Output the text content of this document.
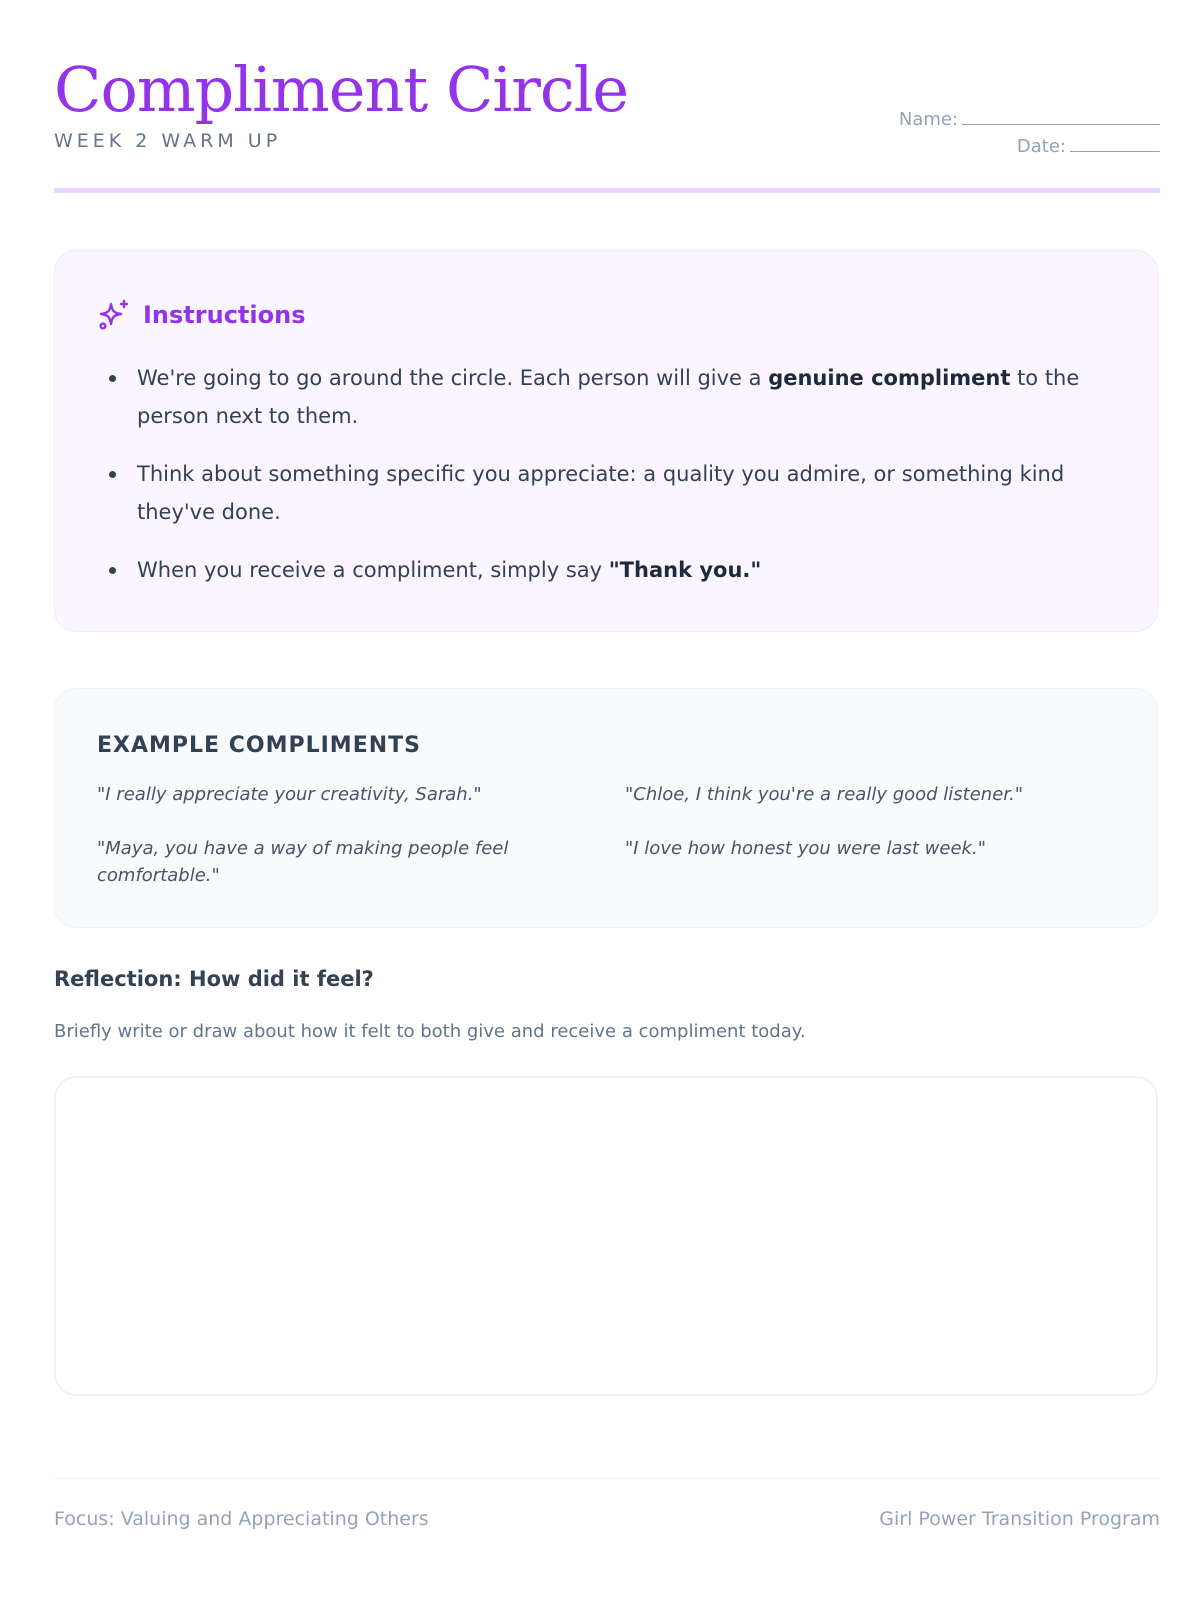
Compliment Circle
WEEK 2 WARM UP
Name:
Date:
Instructions
We're going to go around the circle. Each person will give a genuine compliment to the person next to them.
Think about something specific you appreciate: a quality you admire, or something kind they've done.
When you receive a compliment, simply say "Thank you."
EXAMPLE COMPLIMENTS
"I really appreciate your creativity, Sarah."	"Chloe, I think you're a really good listener."
"Maya, you have a way of making people feel comfortable."
"I love how honest you were last week."
Reflection: How did it feel?
Briefly write or draw about how it felt to both give and receive a compliment today.
Focus: Valuing and Appreciating Others	Girl Power Transition Program
